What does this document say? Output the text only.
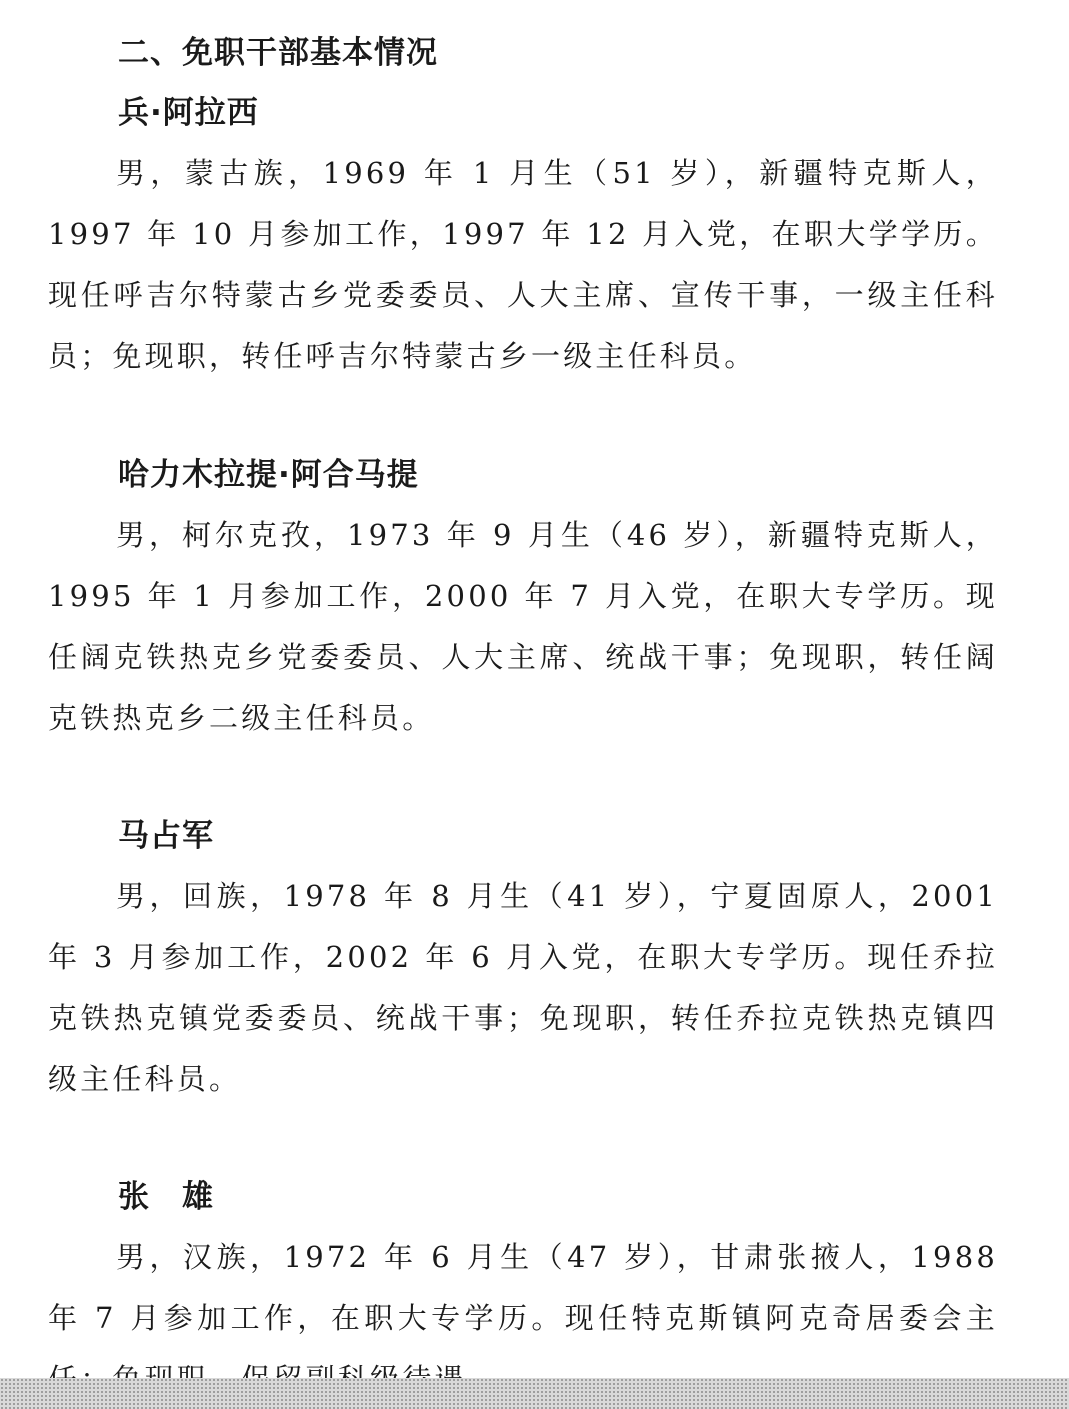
二、免职干部基本情况
兵·阿拉西

男，蒙古族，1969 年 1 月生（51 岁），新疆特克斯人，1997 年 10 月参加工作，1997 年 12 月入党，在职大学学历。现任呼吉尔特蒙古乡党委委员、人大主席、宣传干事，一级主任科员；免现职，转任呼吉尔特蒙古乡一级主任科员。

哈力木拉提·阿合马提

男，柯尔克孜，1973 年 9 月生（46 岁），新疆特克斯人，1995 年 1 月参加工作，2000 年 7 月入党，在职大专学历。现任阔克铁热克乡党委委员、人大主席、统战干事；免现职，转任阔克铁热克乡二级主任科员。

马占军

男，回族，1978 年 8 月生（41 岁），宁夏固原人，2001 年 3 月参加工作，2002 年 6 月入党，在职大专学历。现任乔拉克铁热克镇党委委员、统战干事；免现职，转任乔拉克铁热克镇四级主任科员。

张　雄

男，汉族，1972 年 6 月生（47 岁），甘肃张掖人，1988 年 7 月参加工作，在职大专学历。现任特克斯镇阿克奇居委会主
